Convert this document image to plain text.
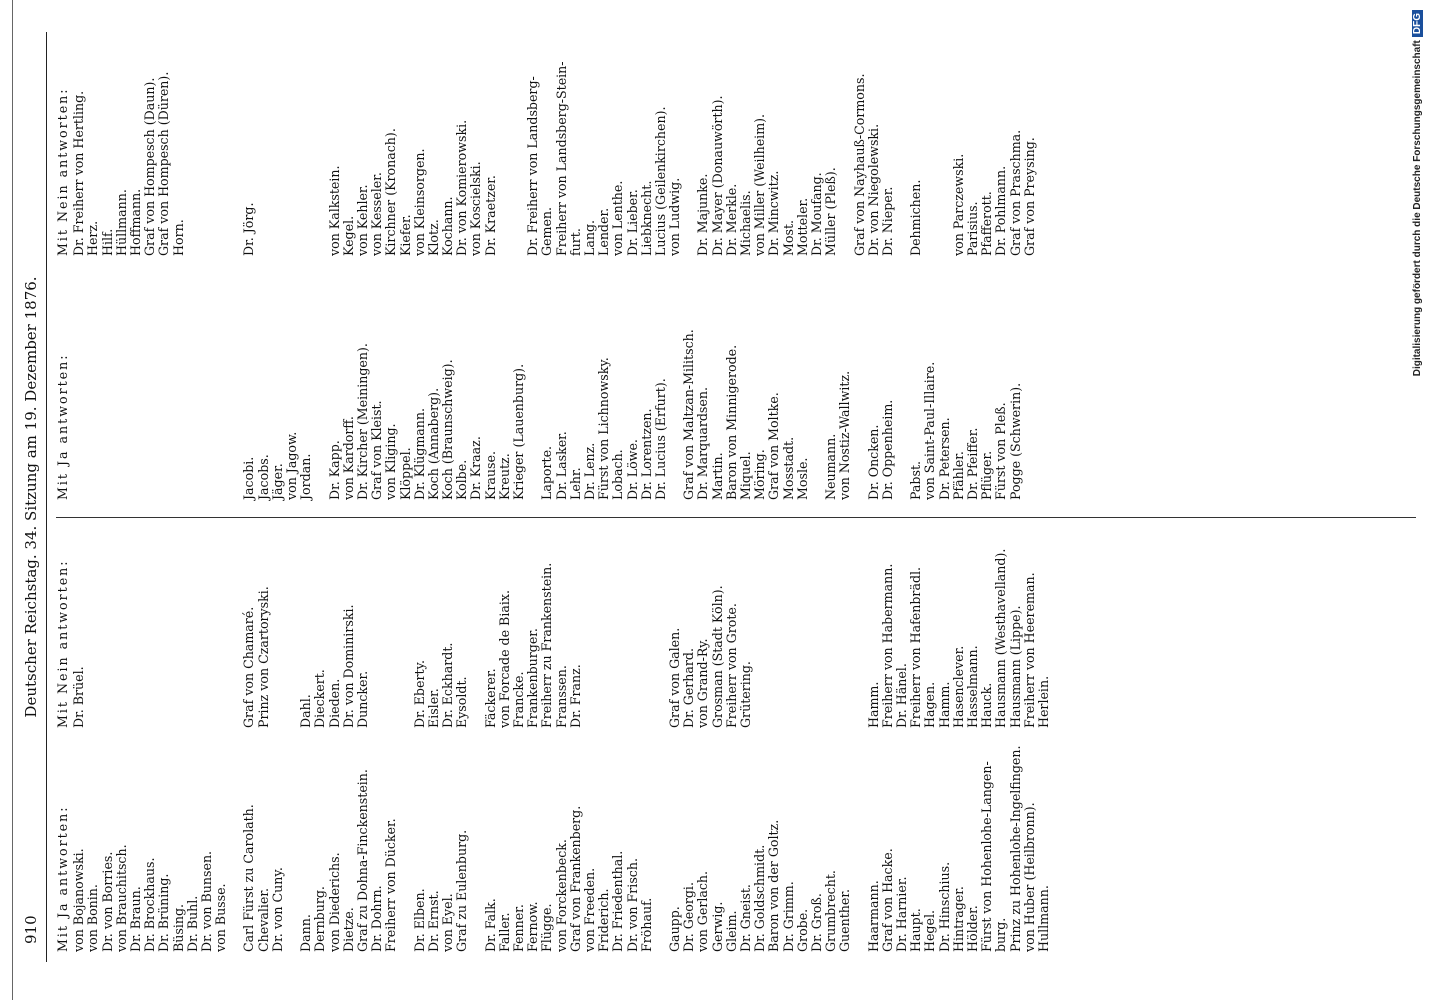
910
Deutscher Reichstag. 34. Sitzung am 19. Dezember 1876.
Mit Ja antworten: von Bojanowski. von Bonin. Dr. von Borries. von Brauchitsch. Dr. Braun. Dr. Brockhaus. Dr. Brüning. Büsing. Dr. Buhl. Dr. von Bunsen. von Busse. Carl Fürst zu Carolath. Chevalier. Dr. von Cuny. Dann. Dernburg. von Diederichs. Dietze. Graf zu Dohna-Finckenstein. Dr. Dohrn. Freiherr von Dücker. Dr. Elben. Dr. Ernst. von Eyel. Graf zu Eulenburg. Dr. Falk. Faller. Fenner. Fernow. Flügge. von Forckenbeck. Graf von Frankenberg. von Freeden. Friderich. Dr. Friedenthal. Dr. von Frisch. Fröhauf. Gaupp. Dr. Georgi. von Gerlach. Gerwig. Gleim. Dr. Gneist. Dr. Goldschmidt. Baron von der Goltz. Dr. Grimm. Grobe. Dr. Groß. Grumbrecht. Guenther. Haarmann. Graf von Hacke. Dr. Harnier. Haupt. Hegel. Dr. Hinschius. Hintrager. Hölder. Fürst von Hohenlohe-Langen- burg. Prinz zu Hohenlohe-Ingelfingen. von Huber (Heilbronn). Hullmann.
Mit Nein antworten: Dr. Brüel.	Graf von Chamaré. Prinz von Czartoryski. Dahl. Dieckert. Dieden. Dr. von Dominirski. Duncker.	Dr. Eberty. Eisler. Dr. Eckhardt. Eysoldt. Fäckerer. von Forcade de Biaix. Francke. Frankenburger. Freiherr zu Frankenstein. Franssen. Dr. Franz.	Graf von Galen. Dr. Gerhard. von Grand-Ry. Grosman (Stadt Köln). Freiherr von Grote. Grütering.	Hamm. Freiherr von Habermann. Dr. Hänel. Freiherr von Hafenbrädl. Hagen. Hamm. Hasenclever. Hasselmann. Hauck. Hausmann (Westhavelland). Hausmann (Lippe). Freiherr von Heereman. Herlein.
Mit Ja antworten:	Jacobi. Jacobs. Jäger. von Jagow. Jordan. Dr. Kapp. von Kardorff. Dr. Kircher (Meiningen). Graf von Kleist. von Kliging. Klöppel. Dr. Klügmann. Koch (Annaberg). Koch (Braunschweig). Kolbe. Dr. Kraaz. Krause. Kreutz. Krieger (Lauenburg). Laporte. Dr. Lasker. Lehr. Dr. Lenz. Fürst von Lichnowsky. Lobach. Dr. Löwe. Dr. Lorentzen. Dr. Lucius (Erfurt). Graf von Maltzan-Militsch. Dr. Marquardsen. Martin. Baron von Minnigerode. Miquel. Möring. Graf von Moltke. Mosstadt. Mosle. Neumann. von Nostiz-Wallwitz. Dr. Oncken. Dr. Oppenheim. Pabst. von Saint-Paul-Illaire. Dr. Petersen. Pfähler. Dr. Pfeiffer. Pflüger. Fürst von Pleß. Pogge (Schwerin).
Mit Nein antworten: Dr. Freiherr von Hertling. Herz. Hilf. Hüllmann. Hoffmann. Graf von Hompesch (Daun). Graf von Hompesch (Düren). Horn.	Dr. Jörg.	von Kalkstein. Kegel. von Kehler. von Kesseler. Kirchner (Kronach). Kiefer. von Kleinsorgen. Klotz. Kochann. Dr. von Komierowski. von Koscielski. Dr. Kraetzer. Dr. Freiherr von Landsberg- Gemen. Freiherr von Landsberg-Stein- furt. Lang. Lender. von Lenthe. Dr. Lieber. Liebknecht. Lucius (Geilenkirchen). von Ludwig. Dr. Majunke. Dr. Mayer (Donauwörth). Dr. Merkle. Michaelis. von Miller (Weilheim). Dr. Mincwitz. Most. Motteler. Dr. Moufang. Müller (Pleß). Graf von Nayhauß-Cormons. Dr. von Niegolewski. Dr. Nieper. Dehmichen. von Parczewski. Parisius. Pfafferott. Dr. Pohlmann. Graf von Praschma. Graf von Preysing.	Digitalisierung gefördert durch die Deutsche ForschungsgemeinschaftDFG
